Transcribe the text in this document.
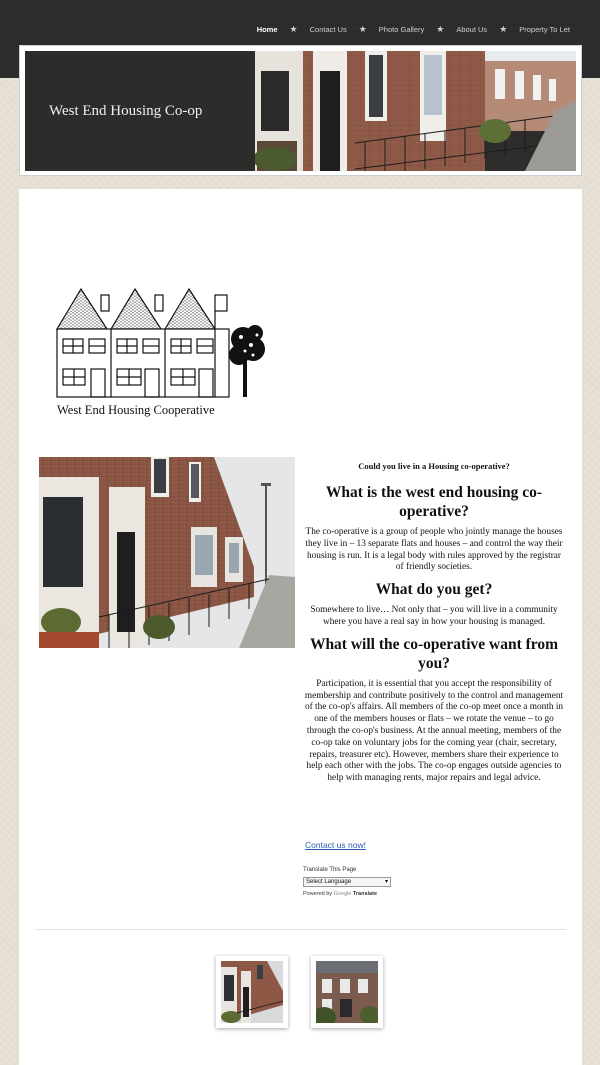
Home ★ Contact Us ★ Photo Gallery ★ About Us ★ Property To Let
West End Housing Co-op
West End Housing Cooperative
Could you live in a Housing co-operative?
What is the west end housing co-operative?

The co-operative is a group of people who jointly manage the houses they live in – 13 separate flats and houses – and control the way their housing is run. It is a legal body with rules approved by the registrar of friendly societies.

What do you get?

Somewhere to live… Not only that – you will live in a community where you have a real say in how your housing is managed.

What will the co-operative want from you?

Participation, it is essential that you accept the responsibility of membership and contribute positively to the control and management of the co-op's affairs. All members of the co-op meet once a month in one of the members houses or flats – we rotate the venue – to go through the co-op's business. At the annual meeting, members of the co-op take on voluntary jobs for the coming year (chair, secretary, repairs, treasurer etc). However, members share their experience to help each other with the jobs. The co-op engages outside agencies to help with managing rents, major repairs and legal advice.

Contact us now!
Translate This Page
Select Language	▾
Powered by Google Translate
